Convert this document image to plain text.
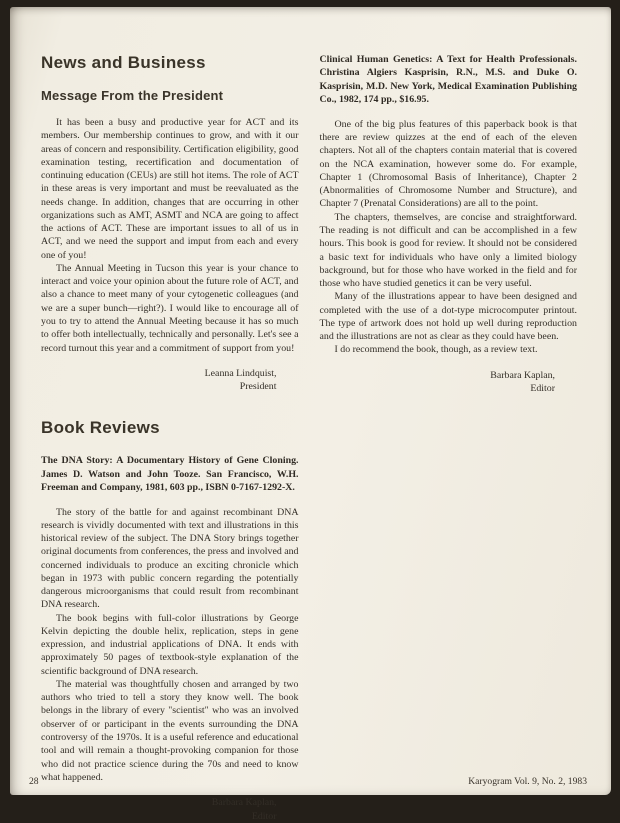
News and Business
Message From the President

It has been a busy and productive year for ACT and its members. Our membership continues to grow, and with it our areas of concern and responsibility. Certification eligibility, good examination testing, recertification and documentation of continuing education (CEUs) are still hot items. The role of ACT in these areas is very important and must be reevaluated as the needs change. In addition, changes that are occurring in other organizations such as AMT, ASMT and NCA are going to affect the actions of ACT. These are important issues to all of us in ACT, and we need the support and imput from each and every one of you!

The Annual Meeting in Tucson this year is your chance to interact and voice your opinion about the future role of ACT, and also a chance to meet many of your cytogenetic colleagues (and we are a super bunch—right?). I would like to encourage all of you to try to attend the Annual Meeting because it has so much to offer both intellectually, technically and personally. Let's see a record turnout this year and a commitment of support from you!

Leanna Lindquist,
President
Book Reviews

The DNA Story: A Documentary History of Gene Cloning. James D. Watson and John Tooze. San Francisco, W.H. Freeman and Company, 1981, 603 pp., ISBN 0-7167-1292-X.

The story of the battle for and against recombinant DNA research is vividly documented with text and illustrations in this historical review of the subject. The DNA Story brings together original documents from conferences, the press and involved and concerned individuals to produce an exciting chronicle which began in 1973 with public concern regarding the potentially dangerous microorganisms that could result from recombinant DNA research.

The book begins with full-color illustrations by George Kelvin depicting the double helix, replication, steps in gene expression, and industrial applications of DNA. It ends with approximately 50 pages of textbook-style explanation of the scientific background of DNA research.

The material was thoughtfully chosen and arranged by two authors who tried to tell a story they know well. The book belongs in the library of every "scientist" who was an involved observer of or participant in the events surrounding the DNA controversy of the 1970s. It is a useful reference and educational tool and will remain a thought-provoking companion for those who did not practice science during the 70s and need to know what happened.

Barbara Kaplan,
Editor

Clinical Human Genetics: A Text for Health Professionals. Christina Algiers Kasprisin, R.N., M.S. and Duke O. Kasprisin, M.D. New York, Medical Examination Publishing Co., 1982, 174 pp., $16.95.

One of the big plus features of this paperback book is that there are review quizzes at the end of each of the eleven chapters. Not all of the chapters contain material that is covered on the NCA examination, however some do. For example, Chapter 1 (Chromosomal Basis of Inheritance), Chapter 2 (Abnormalities of Chromosome Number and Structure), and Chapter 7 (Prenatal Considerations) are all to the point.

The chapters, themselves, are concise and straightforward. The reading is not difficult and can be accomplished in a few hours. This book is good for review. It should not be considered a basic text for individuals who have only a limited biology background, but for those who have worked in the field and for those who have studied genetics it can be very useful.

Many of the illustrations appear to have been designed and completed with the use of a dot-type microcomputer printout. The type of artwork does not hold up well during reproduction and the illustrations are not as clear as they could have been.

I do recommend the book, though, as a review text.

Barbara Kaplan,
Editor
28	Karyogram Vol. 9, No. 2, 1983
